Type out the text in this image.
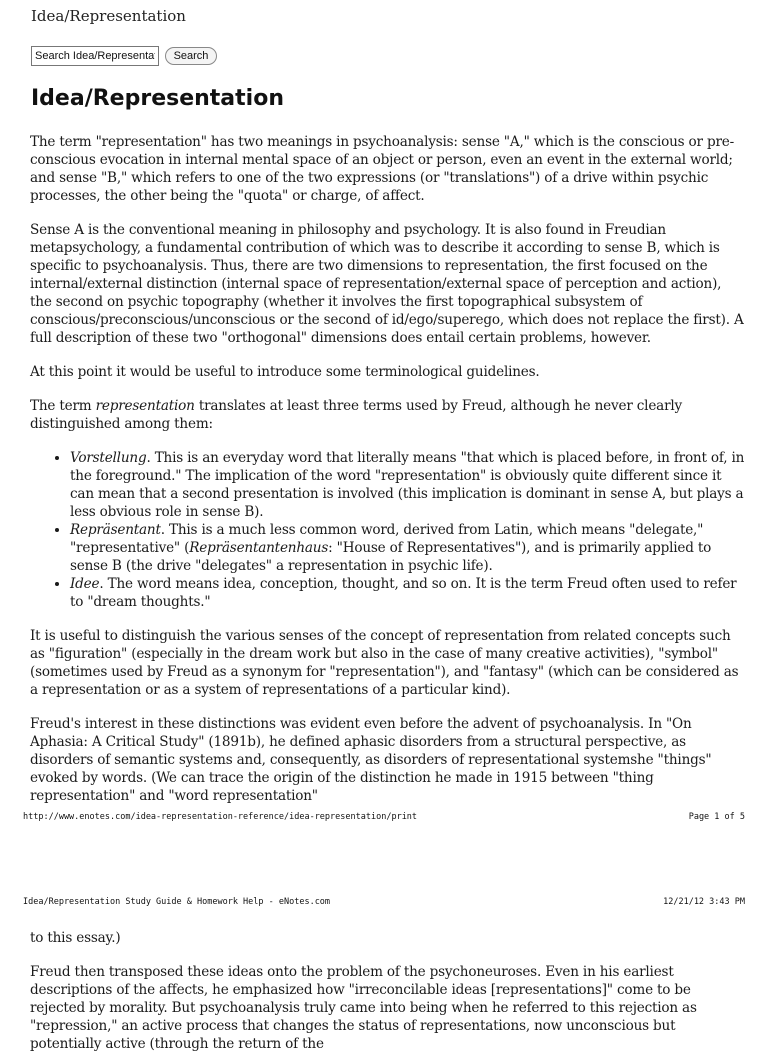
Idea/Representation
Search Idea/Representation
Search
Idea/Representation

The term "representation" has two meanings in psychoanalysis: sense "A," which is the conscious or pre-conscious evocation in internal mental space of an object or person, even an event in the external world; and sense "B," which refers to one of the two expressions (or "translations") of a drive within psychic processes, the other being the "quota" or charge, of affect.

Sense A is the conventional meaning in philosophy and psychology. It is also found in Freudian metapsychology, a fundamental contribution of which was to describe it according to sense B, which is specific to psychoanalysis. Thus, there are two dimensions to representation, the first focused on the internal/external distinction (internal space of representation/external space of perception and action), the second on psychic topography (whether it involves the first topographical subsystem of conscious/preconscious/unconscious or the second of id/ego/superego, which does not replace the first). A full description of these two "orthogonal" dimensions does entail certain problems, however.

At this point it would be useful to introduce some terminological guidelines.

The term representation translates at least three terms used by Freud, although he never clearly distinguished among them:

• Vorstellung. This is an everyday word that literally means "that which is placed before, in front of, in the foreground." The implication of the word "representation" is obviously quite different since it can mean that a second presentation is involved (this implication is dominant in sense A, but plays a less obvious role in sense B).
• Repräsentant. This is a much less common word, derived from Latin, which means "delegate," "representative" (Repräsentantenhaus: "House of Representatives"), and is primarily applied to sense B (the drive "delegates" a representation in psychic life).
• Idee. The word means idea, conception, thought, and so on. It is the term Freud often used to refer to "dream thoughts."

It is useful to distinguish the various senses of the concept of representation from related concepts such as "figuration" (especially in the dream work but also in the case of many creative activities), "symbol" (sometimes used by Freud as a synonym for "representation"), and "fantasy" (which can be considered as a representation or as a system of representations of a particular kind).

Freud's interest in these distinctions was evident even before the advent of psychoanalysis. In "On Aphasia: A Critical Study" (1891b), he defined aphasic disorders from a structural perspective, as disorders of semantic systems and, consequently, as disorders of representational systemshe "things" evoked by words. (We can trace the origin of the distinction he made in 1915 between "thing representation" and "word representation"

http://www.enotes.com/idea-representation-reference/idea-representation/print	Page 1 of 5
Idea/Representation Study Guide & Homework Help - eNotes.com	12/21/12 3:43 PM

to this essay.)

Freud then transposed these ideas onto the problem of the psychoneuroses. Even in his earliest descriptions of the affects, he emphasized how "irreconcilable ideas [representations]" come to be rejected by morality. But psychoanalysis truly came into being when he referred to this rejection as "repression," an active process that changes the status of representations, now unconscious but potentially active (through the return of the
